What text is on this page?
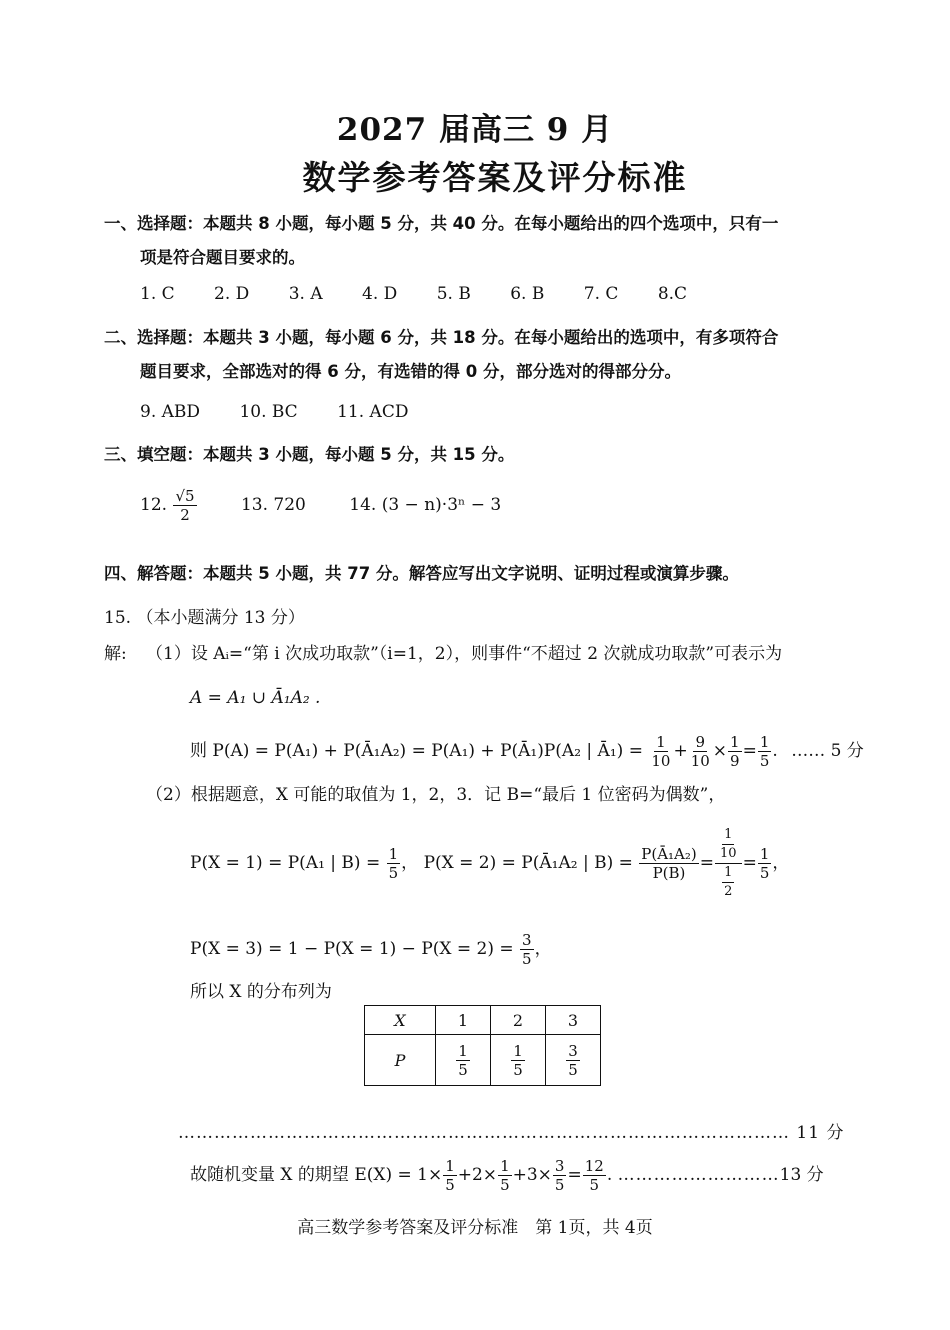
2027 届高三 9 月
数学参考答案及评分标准
一、选择题：本题共 8 小题，每小题 5 分，共 40 分。在每小题给出的四个选项中，只有一
项是符合题目要求的。
1. C 2. D 3. A 4. D 5. B 6. B 7. C 8.C
二、选择题：本题共 3 小题，每小题 6 分，共 18 分。在每小题给出的选项中，有多项符合
题目要求，全部选对的得 6 分，有选错的得 0 分，部分选对的得部分分。
9. ABD 10. BC 11. ACD
三、填空题：本题共 3 小题，每小题 5 分，共 15 分。
12. $\frac{√5}{2}$	13. 720	14. (3 − n)·3ⁿ − 3
四、解答题：本题共 5 小题，共 77 分。解答应写出文字说明、证明过程或演算步骤。
15. （本小题满分 13 分）
解: （1）设 Aᵢ=“第 i 次成功取款”（i=1，2），则事件“不超过 2 次就成功取款”可表示为
A = A₁ ∪ Ā₁A₂ .
则 P(A) = P(A₁) + P(Ā₁A₂) = P(A₁) + P(Ā₁)P(A₂ | Ā₁) = $\frac{1}{10} + \frac{9}{10} \times \frac{1}{9} = \frac{1}{5}$ . …… 5 分
（2）根据题意，X 可能的取值为 1，2，3．记 B=“最后 1 位密码为偶数”，
P(X = 1) = P(A₁ | $B) = \frac{1}{5}$ ， P(X = 2) = P(Ā₁A₂ | $B) = \frac{\text{P(Ā₁A₂)}}{P(B)} = \frac{\frac{1}{10}}{\frac{1}{2}} = \frac{1}{5}$ ，
$P(X = 3) = 1 - P(X = 1) - P(X = 2) = \frac{3}{5}$ ，
所以 X 的分布列为
X	1	2	3
P	$\frac{1}{5}$	$\frac{1}{5}$	$\frac{3}{5}$
………………………………………………………………………………………… 11 分
故随机变量 X 的期望 $E(X) = 1\times \frac{1}{5} +2\times \frac{1}{5} +3\times \frac{3}{5} = \frac{12}{5}$ . ………………………13 分
高三数学参考答案及评分标准　第 1页，共 4页
